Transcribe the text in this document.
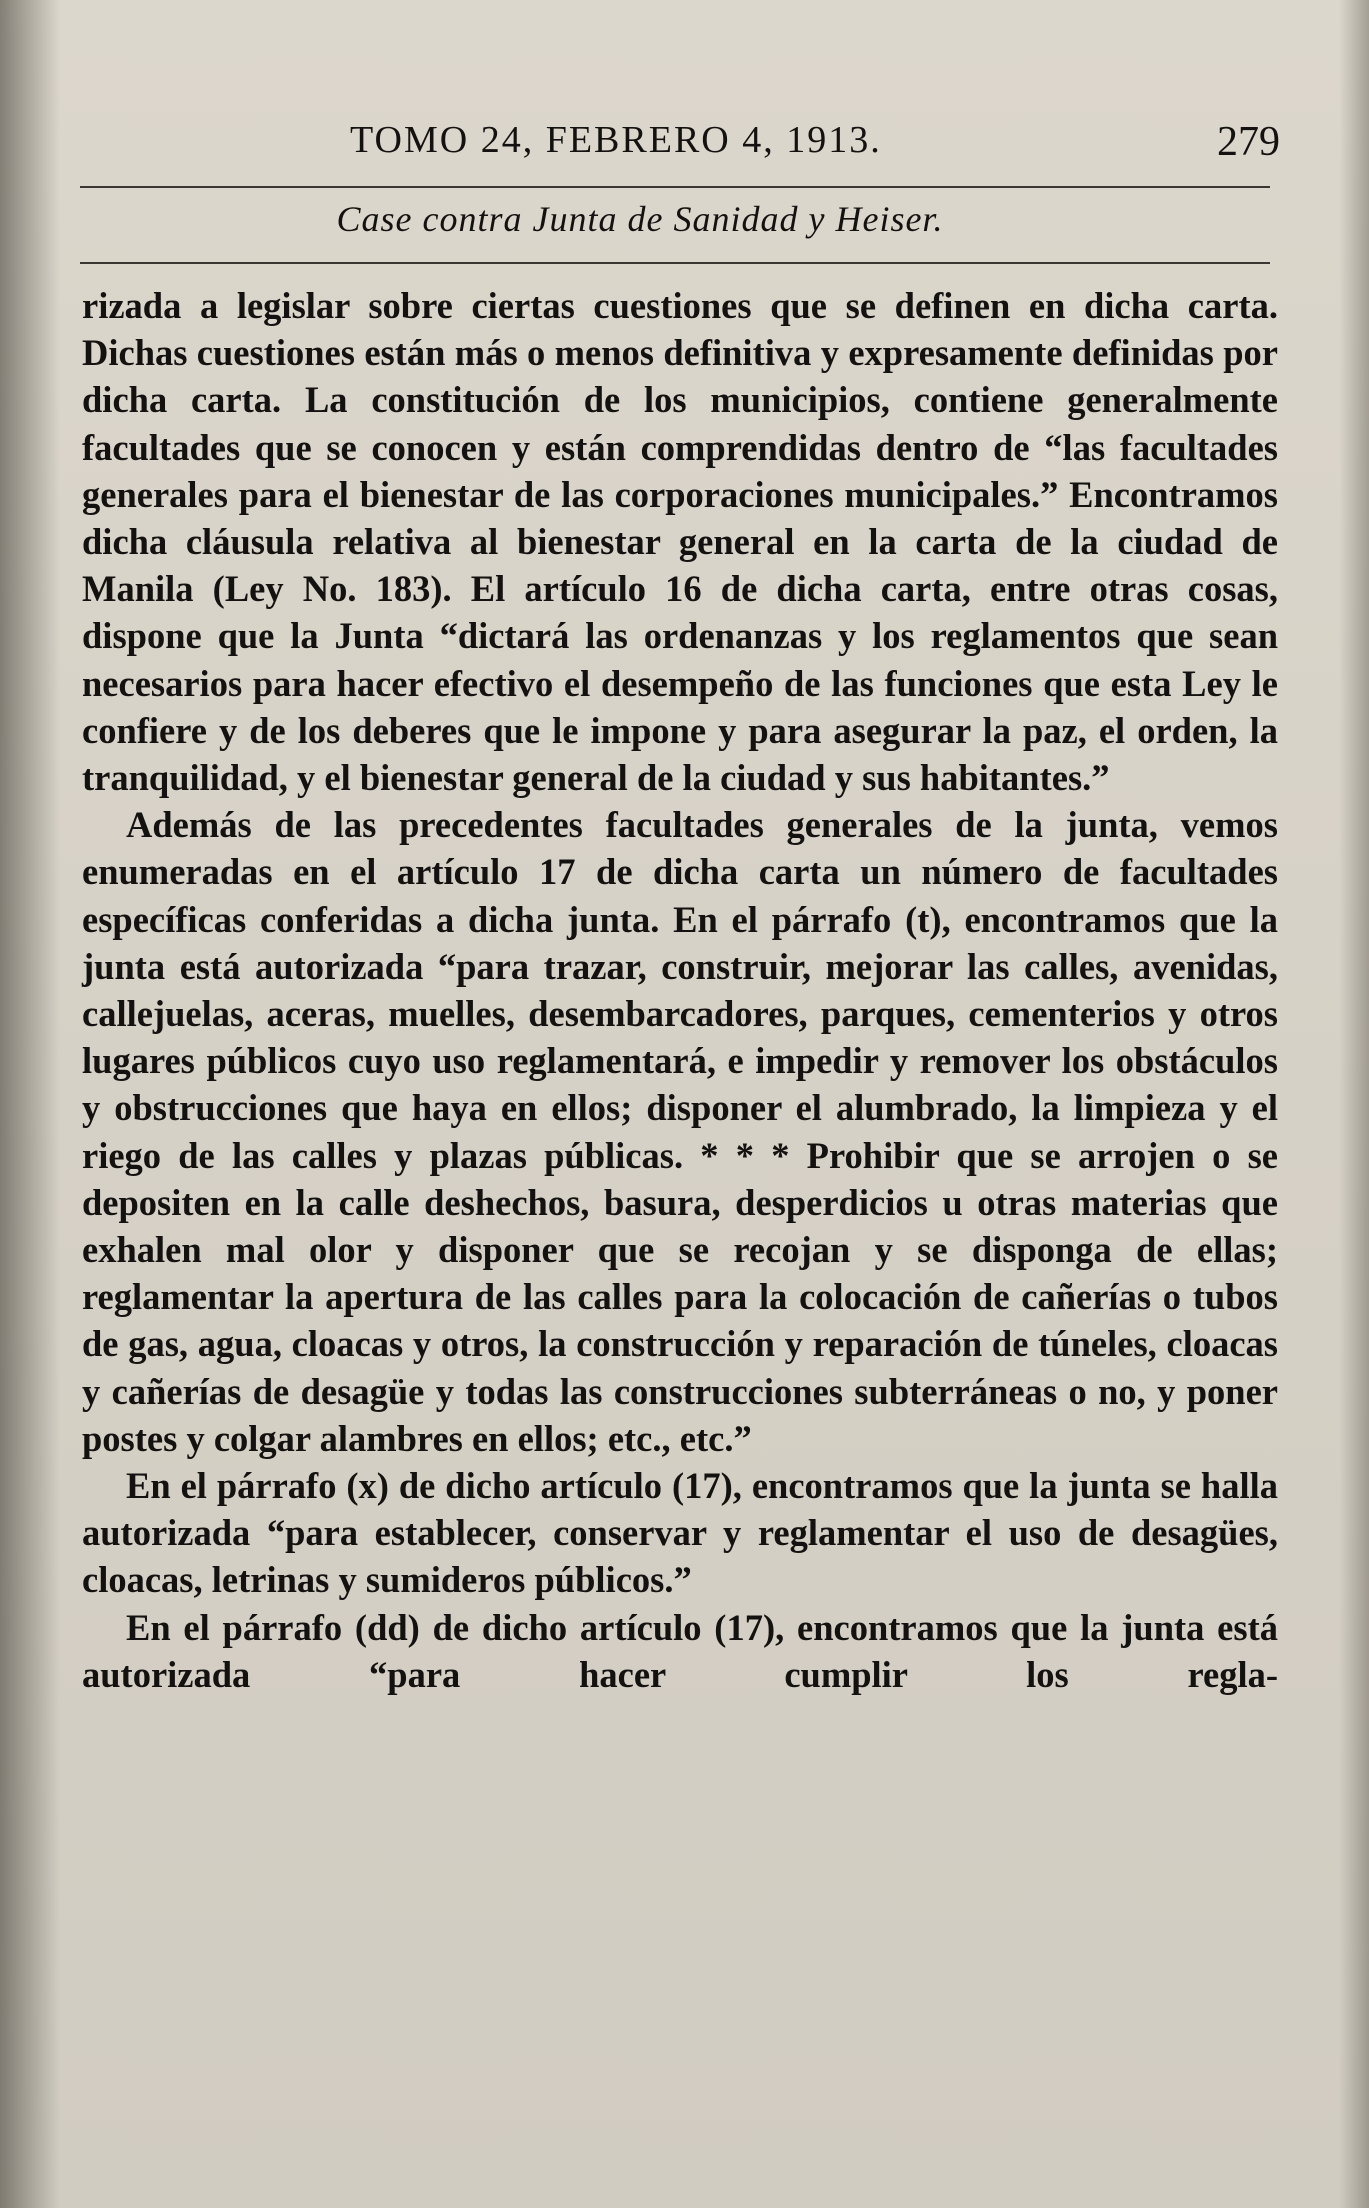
TOMO 24, FEBRERO 4, 1913.	279
Case contra Junta de Sanidad y Heiser.

rizada a legislar sobre ciertas cuestiones que se definen en dicha carta. Dichas cuestiones están más o menos definitiva y expresamente definidas por dicha carta. La constitución de los municipios, contiene generalmente facultades que se conocen y están comprendidas dentro de “las facultades generales para el bienestar de las corporaciones municipales.” Encontramos dicha cláusula relativa al bienestar general en la carta de la ciudad de Manila (Ley No. 183). El artículo 16 de dicha carta, entre otras cosas, dispone que la Junta “dictará las ordenanzas y los reglamentos que sean necesarios para hacer efectivo el desempeño de las funciones que esta Ley le confiere y de los deberes que le impone y para asegurar la paz, el orden, la tranquilidad, y el bienestar general de la ciudad y sus habitantes.”

Además de las precedentes facultades generales de la junta, vemos enumeradas en el artículo 17 de dicha carta un número de facultades específicas conferidas a dicha junta. En el párrafo (t), encontramos que la junta está autorizada “para trazar, construir, mejorar las calles, avenidas, callejuelas, aceras, muelles, desembarcadores, parques, cementerios y otros lugares públicos cuyo uso reglamentará, e impedir y remover los obstáculos y obstrucciones que haya en ellos; disponer el alumbrado, la limpieza y el riego de las calles y plazas públicas. * * * Prohibir que se arrojen o se depositen en la calle deshechos, basura, desperdicios u otras materias que exhalen mal olor y disponer que se recojan y se disponga de ellas; reglamentar la apertura de las calles para la colocación de cañerías o tubos de gas, agua, cloacas y otros, la construcción y reparación de túneles, cloacas y cañerías de desagüe y todas las construcciones subterráneas o no, y poner postes y colgar alambres en ellos; etc., etc.”

En el párrafo (x) de dicho artículo (17), encontramos que la junta se halla autorizada “para establecer, conservar y reglamentar el uso de desagües, cloacas, letrinas y sumideros públicos.”

En el párrafo (dd) de dicho artículo (17), encontramos que la junta está autorizada “para hacer cumplir los regla-
